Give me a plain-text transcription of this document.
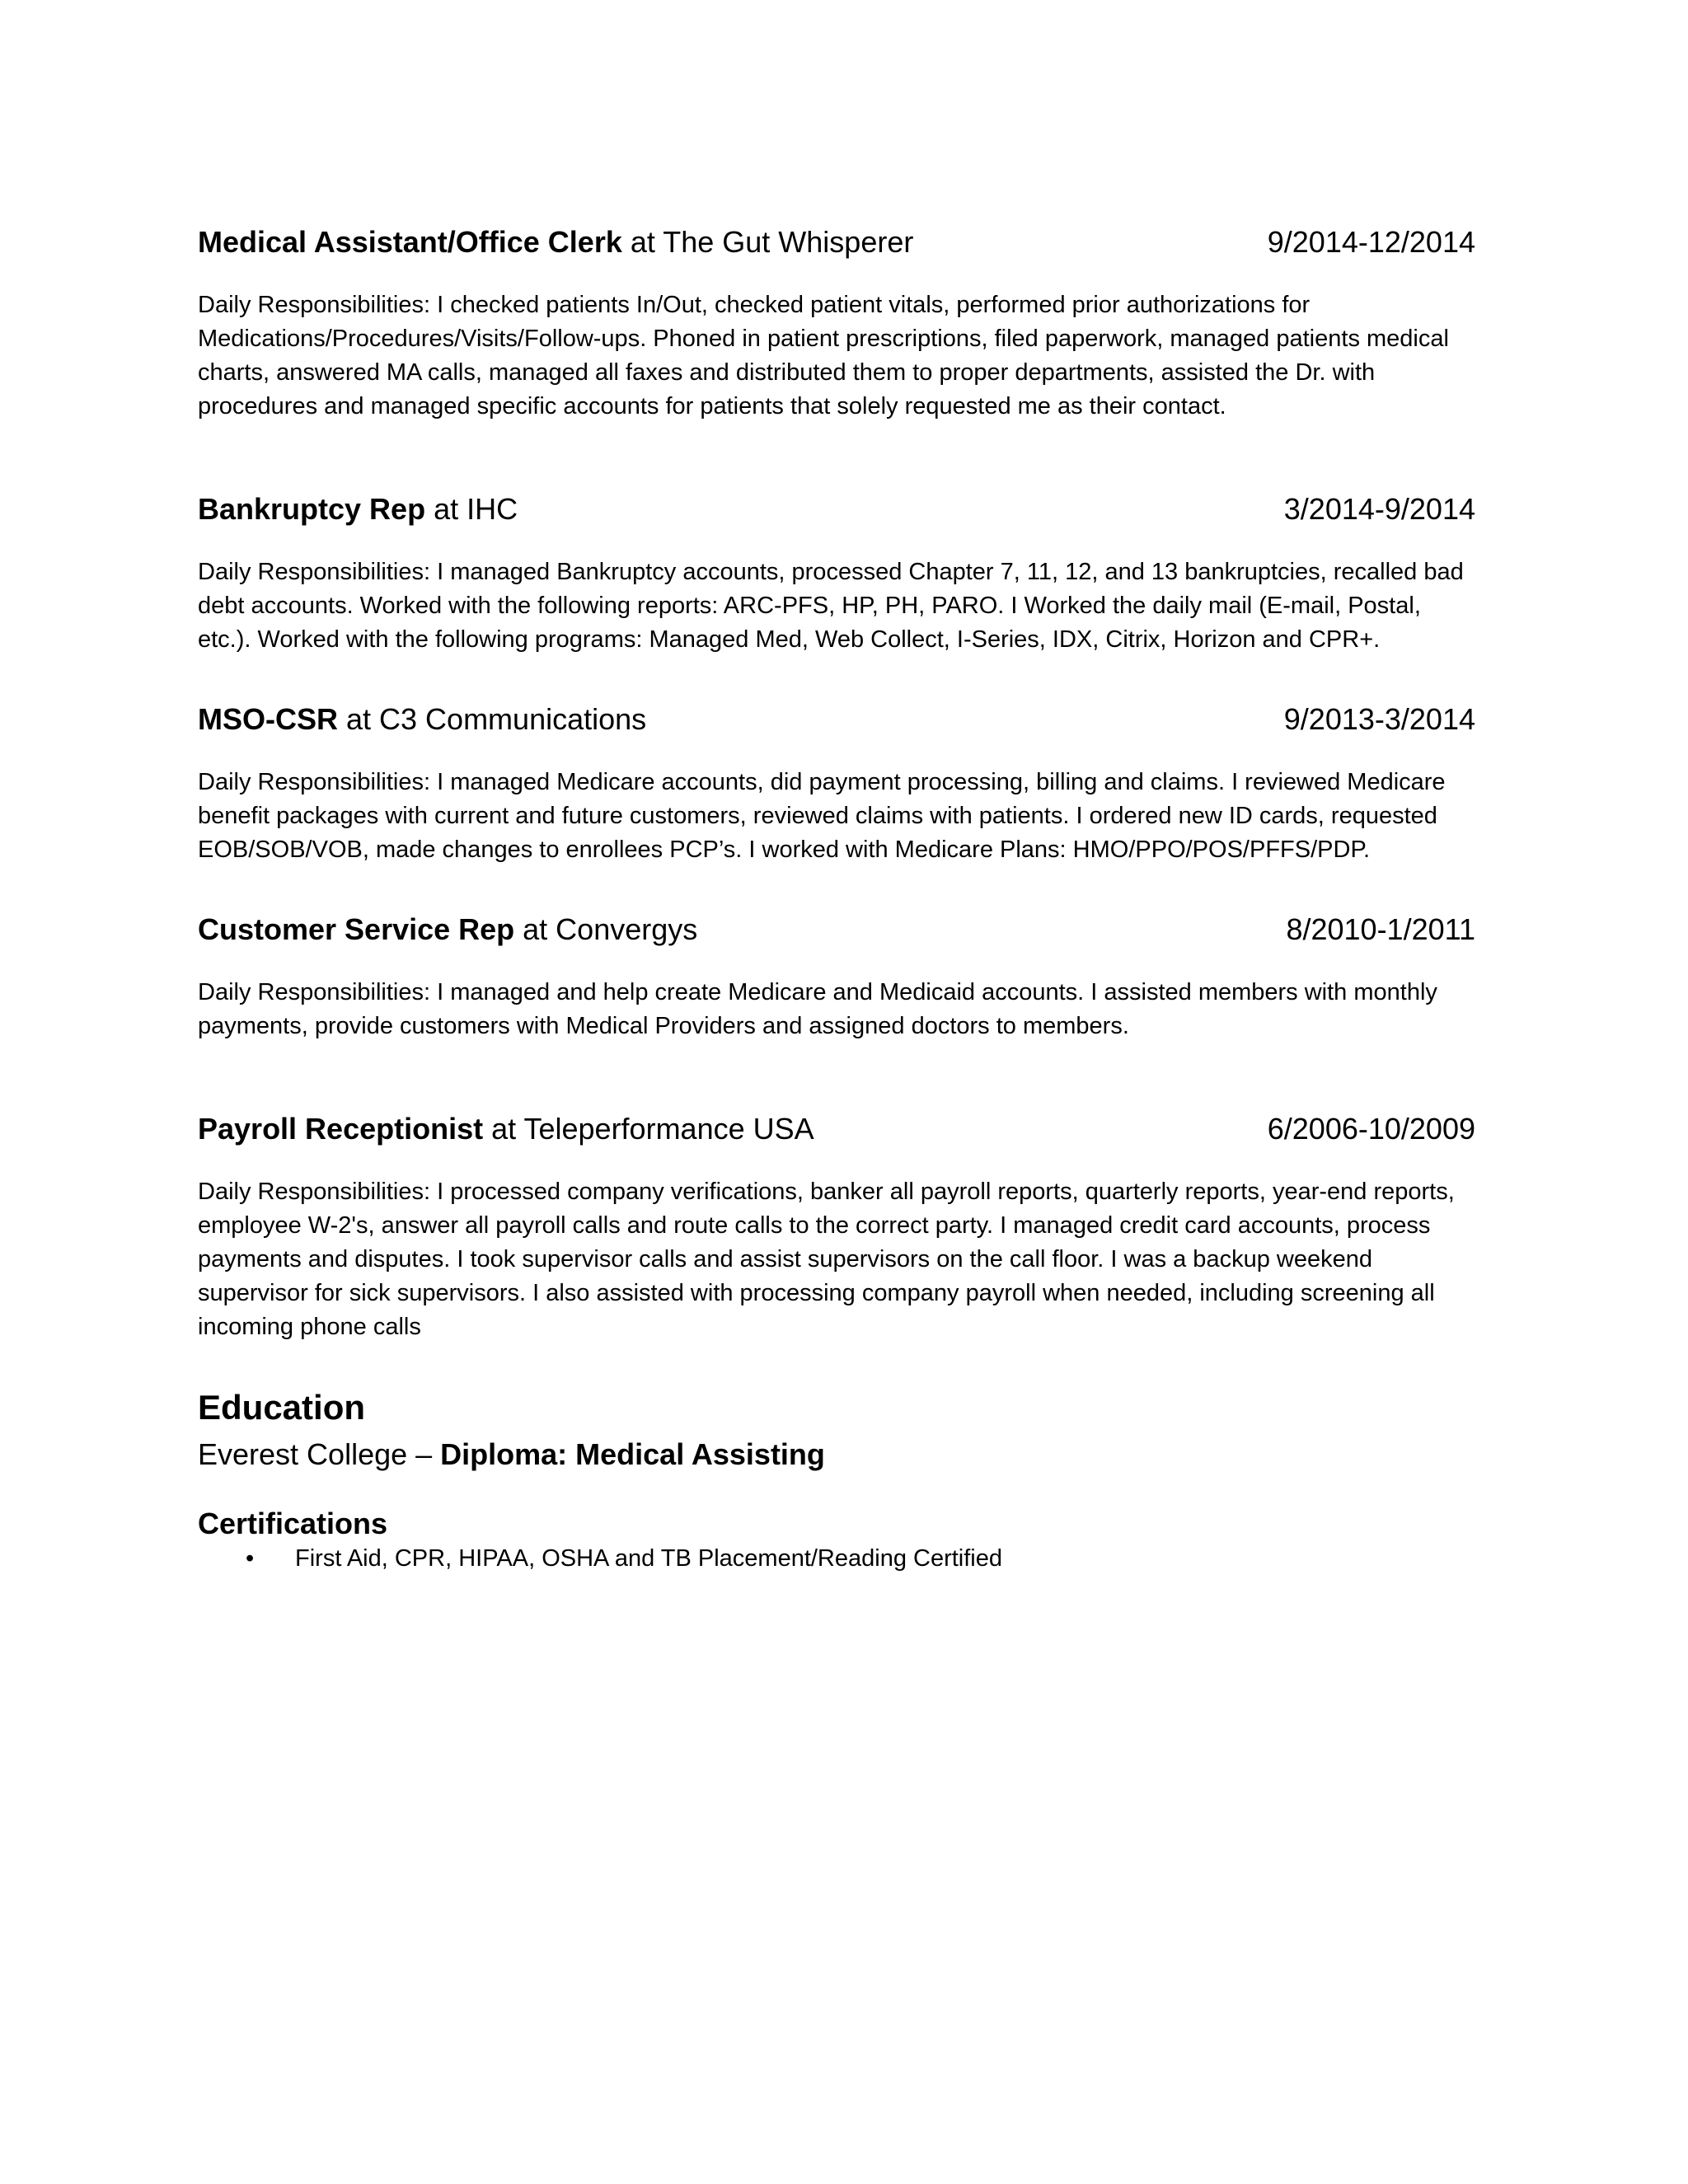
Medical Assistant/Office Clerk at The Gut Whisperer	9/2014-12/2014
Daily Responsibilities: I checked patients In/Out, checked patient vitals, performed prior authorizations for Medications/Procedures/Visits/Follow-ups. Phoned in patient prescriptions, filed paperwork, managed patients medical charts, answered MA calls, managed all faxes and distributed them to proper departments, assisted the Dr. with procedures and managed specific accounts for patients that solely requested me as their contact.
Bankruptcy Rep at IHC	3/2014-9/2014
Daily Responsibilities: I managed Bankruptcy accounts, processed Chapter 7, 11, 12, and 13 bankruptcies, recalled bad debt accounts. Worked with the following reports: ARC-PFS, HP, PH, PARO. I Worked the daily mail (E-mail, Postal, etc.). Worked with the following programs: Managed Med, Web Collect, I-Series, IDX, Citrix, Horizon and CPR+.
MSO-CSR at C3 Communications	9/2013-3/2014
Daily Responsibilities: I managed Medicare accounts, did payment processing, billing and claims. I reviewed Medicare benefit packages with current and future customers, reviewed claims with patients. I ordered new ID cards, requested EOB/SOB/VOB, made changes to enrollees PCP’s. I worked with Medicare Plans: HMO/PPO/POS/PFFS/PDP.
Customer Service Rep at Convergys	8/2010-1/2011
Daily Responsibilities: I managed and help create Medicare and Medicaid accounts. I assisted members with monthly payments, provide customers with Medical Providers and assigned doctors to members.
Payroll Receptionist at Teleperformance USA	6/2006-10/2009
Daily Responsibilities: I processed company verifications, banker all payroll reports, quarterly reports, year-end reports, employee W-2's, answer all payroll calls and route calls to the correct party. I managed credit card accounts, process payments and disputes. I took supervisor calls and assist supervisors on the call floor. I was a backup weekend supervisor for sick supervisors. I also assisted with processing company payroll when needed, including screening all incoming phone calls
Education
Everest College – Diploma: Medical Assisting
Certifications
•	First Aid, CPR, HIPAA, OSHA and TB Placement/Reading Certified
